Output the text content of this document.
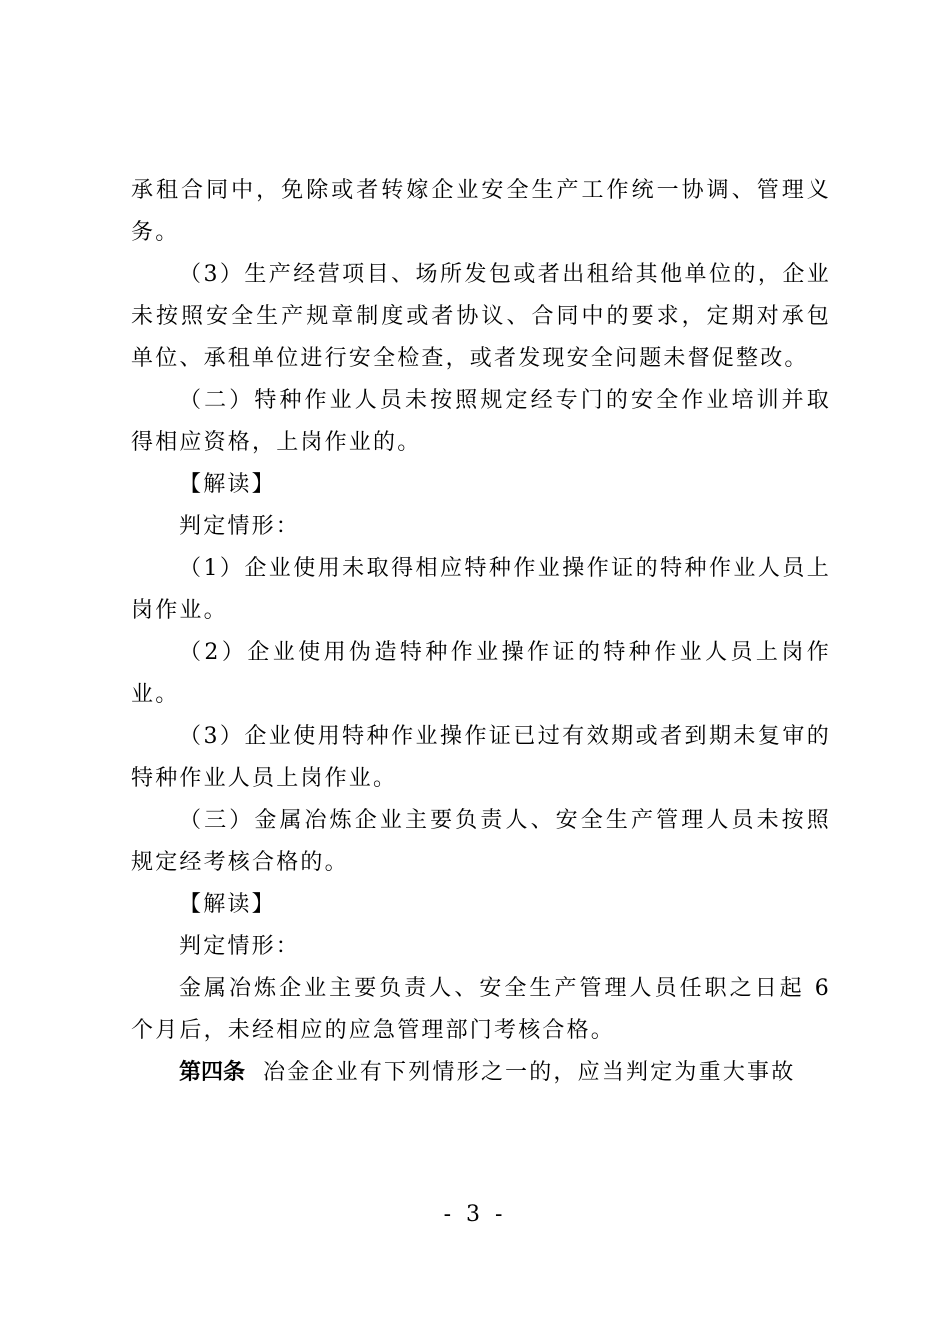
承租合同中，免除或者转嫁企业安全生产工作统一协调、管理义务。

（3）生产经营项目、场所发包或者出租给其他单位的，企业未按照安全生产规章制度或者协议、合同中的要求，定期对承包单位、承租单位进行安全检查，或者发现安全问题未督促整改。

（二）特种作业人员未按照规定经专门的安全作业培训并取得相应资格，上岗作业的。

【解读】

判定情形：

（1）企业使用未取得相应特种作业操作证的特种作业人员上岗作业。

（2）企业使用伪造特种作业操作证的特种作业人员上岗作业。

（3）企业使用特种作业操作证已过有效期或者到期未复审的特种作业人员上岗作业。

（三）金属冶炼企业主要负责人、安全生产管理人员未按照规定经考核合格的。

【解读】

判定情形：

金属冶炼企业主要负责人、安全生产管理人员任职之日起 6 个月后，未经相应的应急管理部门考核合格。

第四条 冶金企业有下列情形之一的，应当判定为重大事故

- 3 -
